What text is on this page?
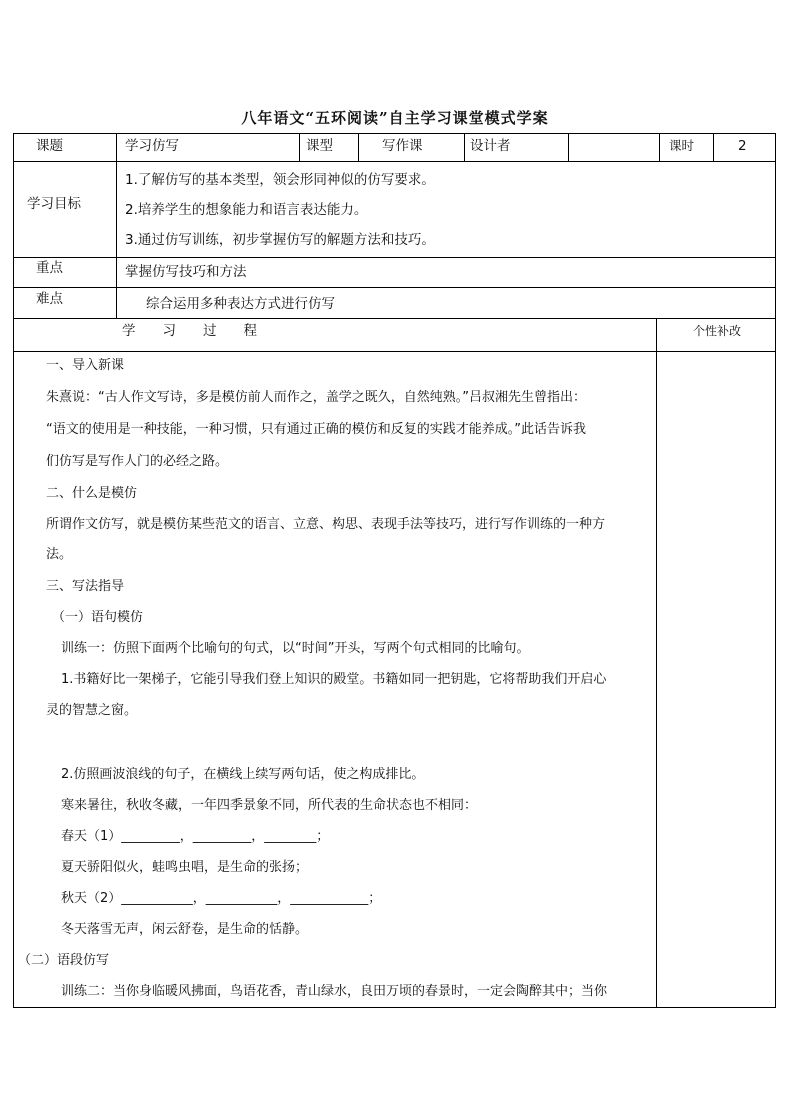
八年语文“五环阅读”自主学习课堂模式学案
课题	学习仿写	课型	写作课	设计者	课时	2
学习目标
1.了解仿写的基本类型，领会形同神似的仿写要求。
2.培养学生的想象能力和语言表达能力。
3.通过仿写训练，初步掌握仿写的解题方法和技巧。
重点	掌握仿写技巧和方法
难点	综合运用多种表达方式进行仿写
学　　习　　过　　程	个性补改
一、导入新课
朱熹说：“古人作文写诗，多是模仿前人而作之，盖学之既久，自然纯熟。”吕叔湘先生曾指出：
“语文的使用是一种技能，一种习惯，只有通过正确的模仿和反复的实践才能养成。”此话告诉我
们仿写是写作人门的必经之路。
二、什么是模仿
所谓作文仿写，就是模仿某些范文的语言、立意、构思、表现手法等技巧，进行写作训练的一种方
法。
三、写法指导
（一）语句模仿
训练一：仿照下面两个比喻句的句式，以“时间”开头，写两个句式相同的比喻句。
1.书籍好比一架梯子，它能引导我们登上知识的殿堂。书籍如同一把钥匙，它将帮助我们开启心
灵的智慧之窗。
2.仿照画波浪线的句子，在横线上续写两句话，使之构成排比。
寒来暑往，秋收冬藏，一年四季景象不同，所代表的生命状态也不相同：
春天（1）_________，_________，________；
夏天骄阳似火，蛙鸣虫唱，是生命的张扬；
秋天（2）___________，___________，____________；
冬天落雪无声，闲云舒卷，是生命的恬静。
（二）语段仿写
训练二：当你身临暖风拂面，鸟语花香，青山绿水，良田万顷的春景时，一定会陶醉其中；当你
